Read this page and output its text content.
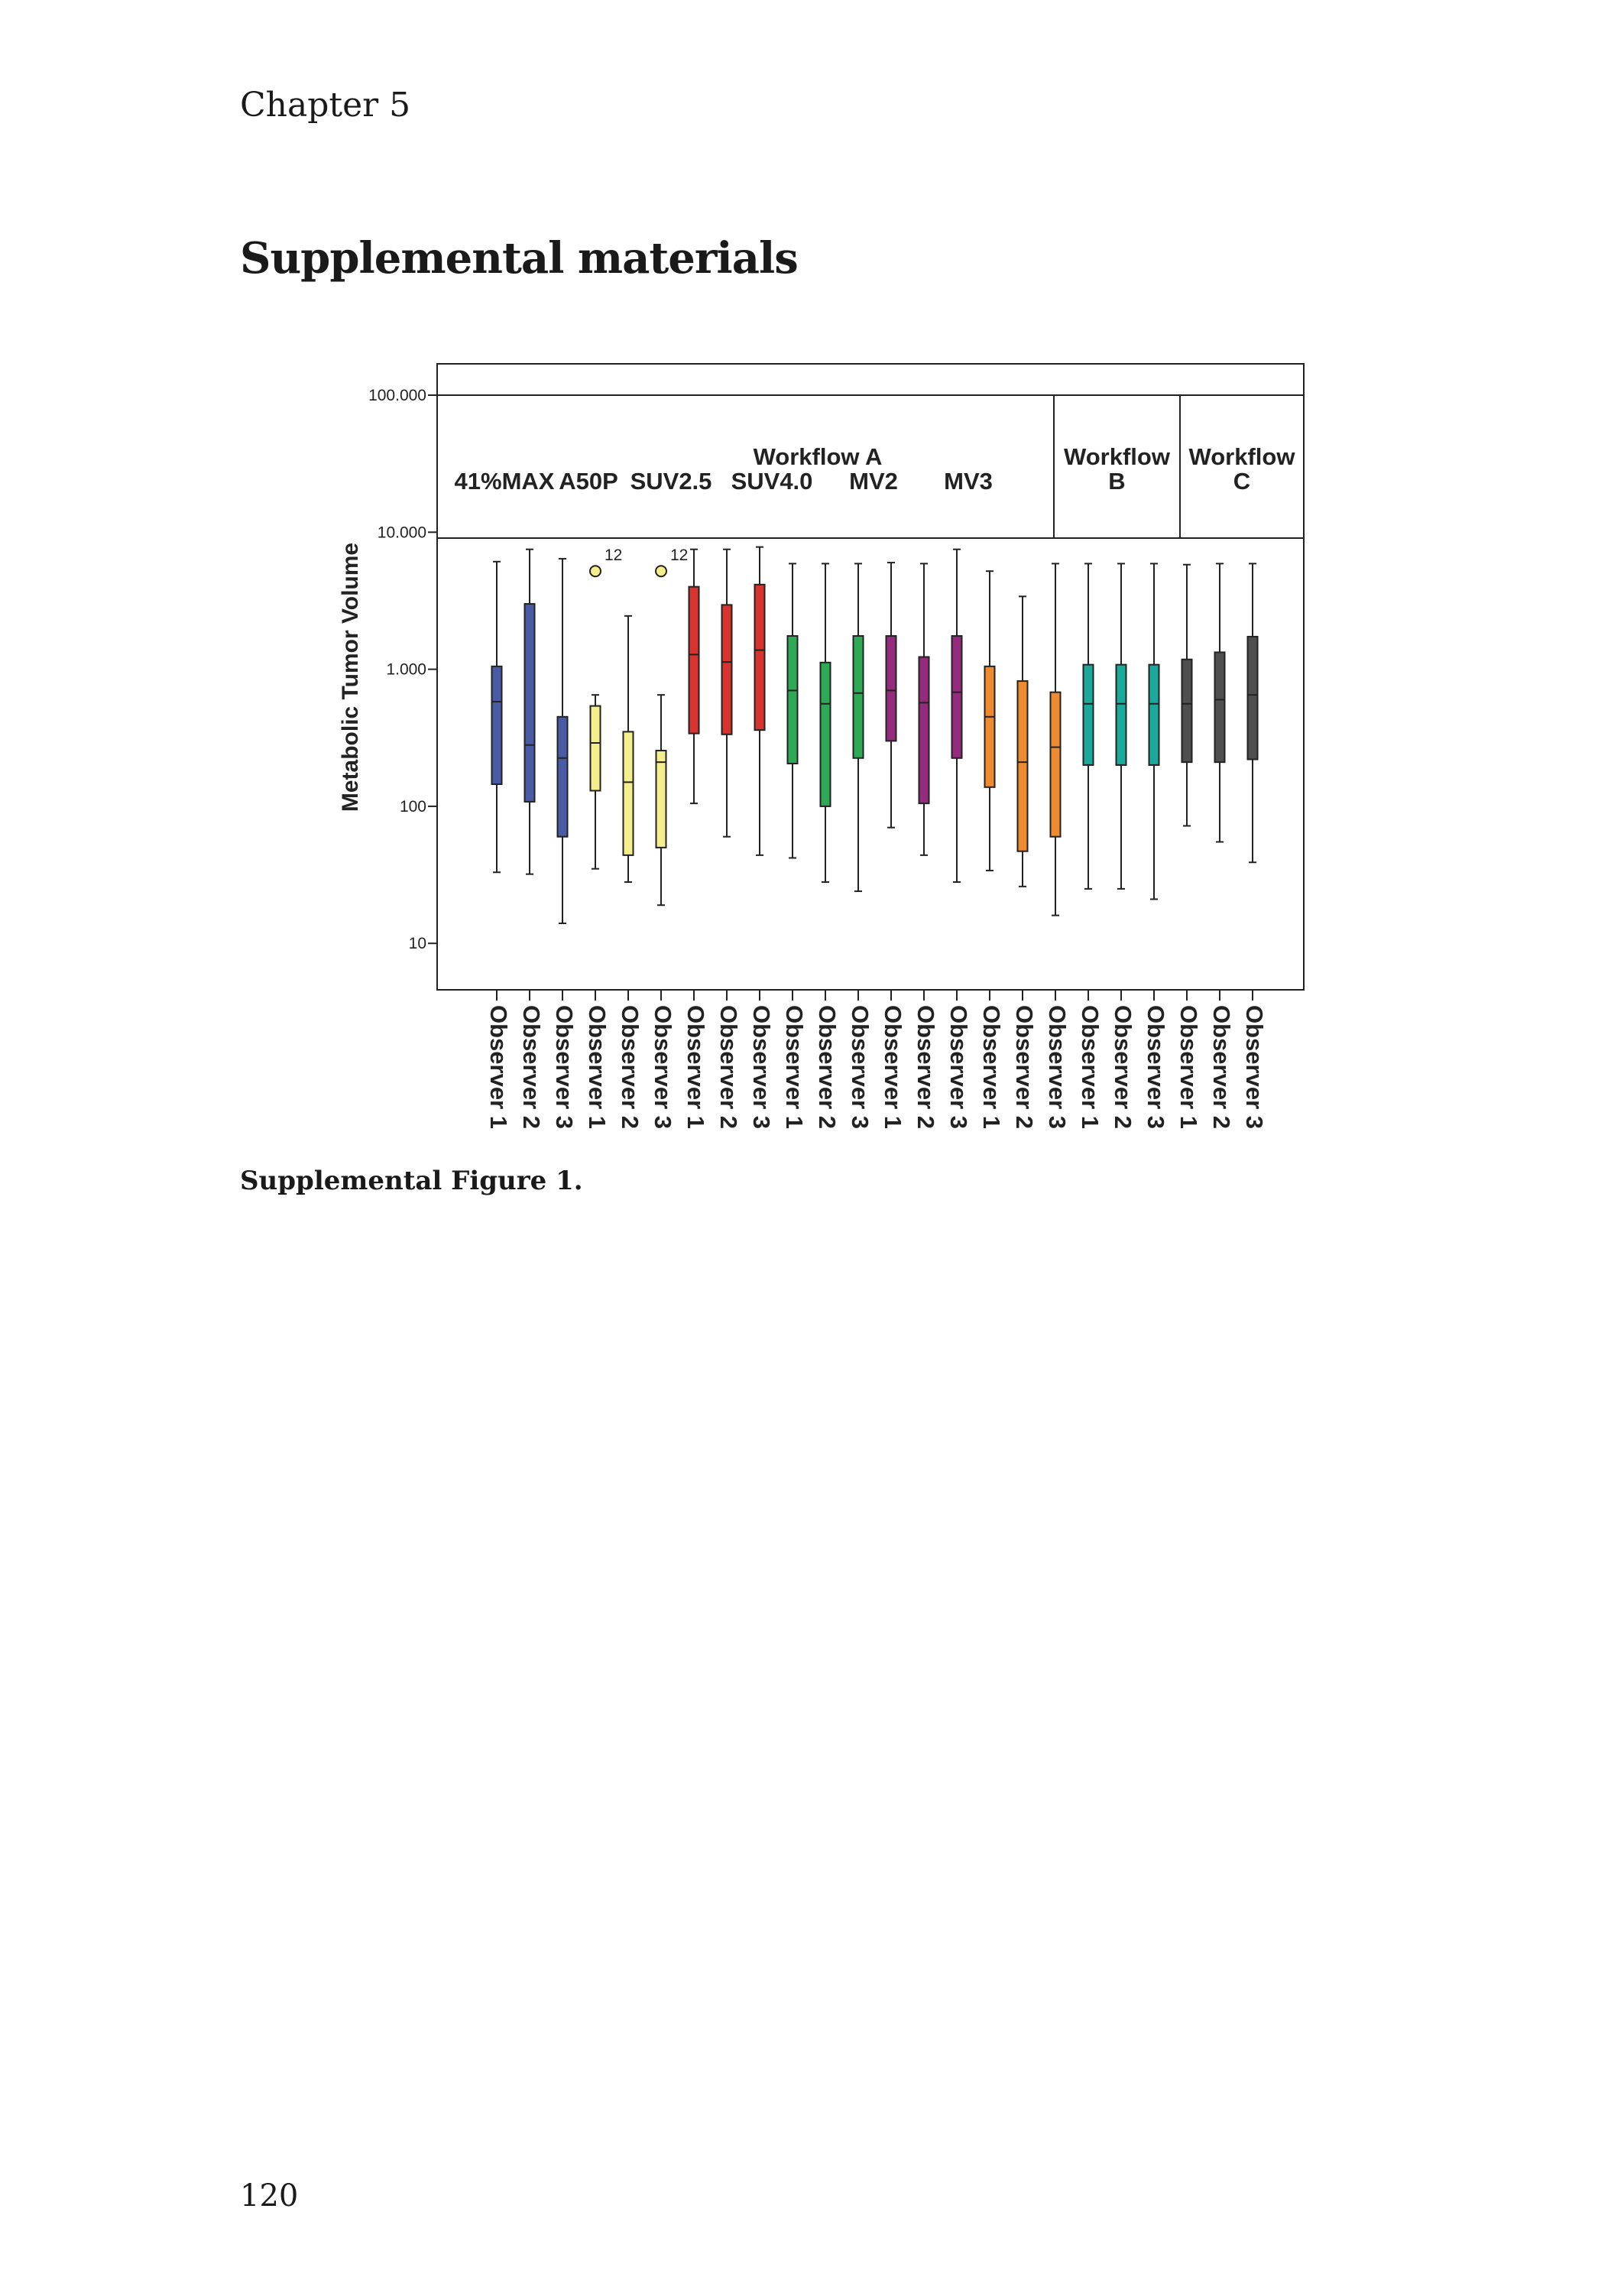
Chapter 5
Supplemental materials
10
100
1.000
10.000
100.000
Metabolic Tumor Volume
Workflow A	Workflow
B
Workflow
C
41%MAX A50P SUV2.5 SUV4.0 MV2 MV3
Observer 1 Observer 2 Observer 3
12
Observer 1 Observer 2
12
Observer 3 Observer 1 Observer 2 Observer 3 Observer 1 Observer 2 Observer 3 Observer 1 Observer 2 Observer 3 Observer 1 Observer 2 Observer 3 Observer 1 Observer 2 Observer 3 Observer 1 Observer 2 Observer 3
Supplemental Figure 1.
120
